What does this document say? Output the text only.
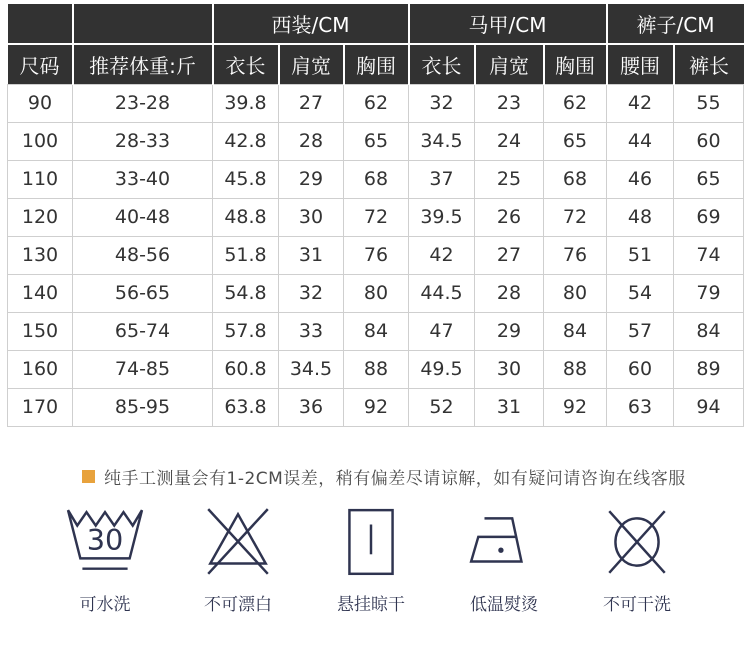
		西装/CM			马甲/CM			裤子/CM	
尺码	推荐体重:斤	衣长	肩宽	胸围	衣长	肩宽	胸围	腰围	裤长
90	23-28	39.8	27	62	32	23	62	42	55
100	28-33	42.8	28	65	34.5	24	65	44	60
110	33-40	45.8	29	68	37	25	68	46	65
120	40-48	48.8	30	72	39.5	26	72	48	69
130	48-56	51.8	31	76	42	27	76	51	74
140	56-65	54.8	32	80	44.5	28	80	54	79
150	65-74	57.8	33	84	47	29	84	57	84
160	74-85	60.8	34.5	88	49.5	30	88	60	89
170	85-95	63.8	36	92	52	31	92	63	94
纯手工测量会有1-2CM误差，稍有偏差尽请谅解，如有疑问请咨询在线客服
30
可水洗	不可漂白	悬挂晾干	低温熨烫	不可干洗
